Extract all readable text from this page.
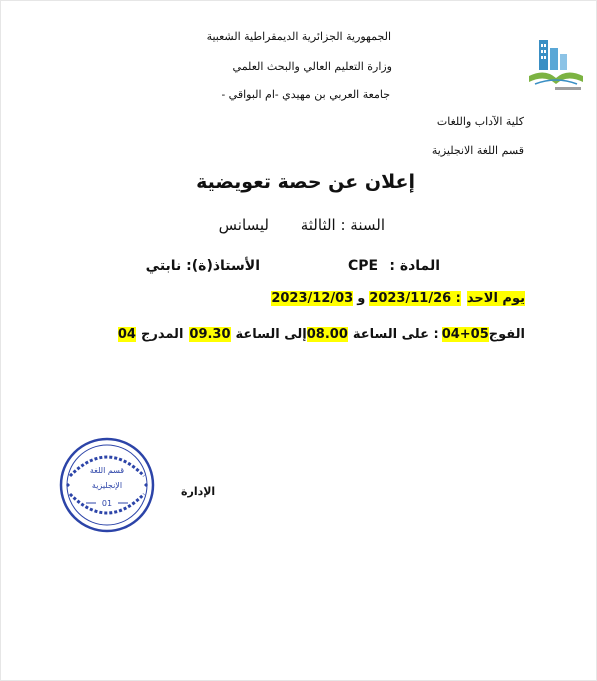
الجمهورية الجزائرية الديمقراطية الشعبية
وزارة التعليم العالي والبحث العلمي
جامعة العربي بن مهيدي -ام البواقي -
كلية الآداب واللغات
قسم اللغة الانجليزية
إعلان عن حصة تعويضية
السنة : الثالثة
ليسانس
المادة :
CPE
الأستاذ(ة): نابتي
يوم الاحد
2023/11/26 :
و
2023/12/03
الفوج
04+05
: على الساعة
08.00
إلى الساعة
09.30
المدرج
04
قسم اللغة
الإنجليزية
01
الإدارة
